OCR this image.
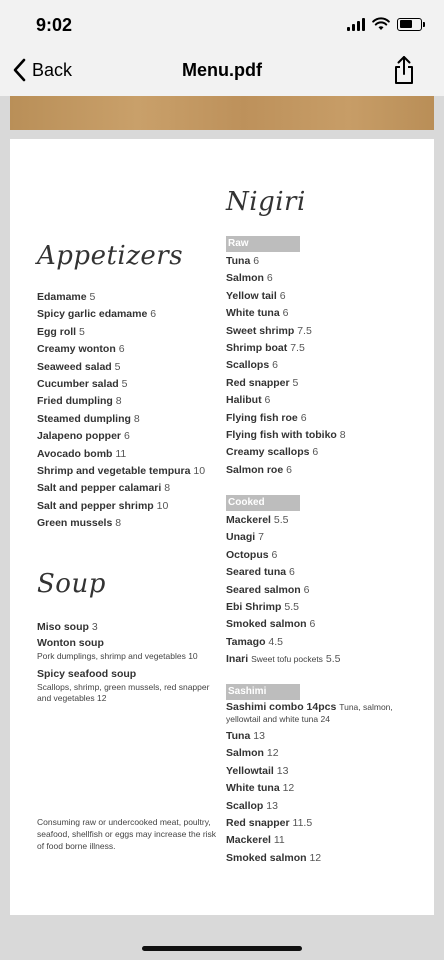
9:02
Back	Menu.pdf
Nigiri
Appetizers
Soup
Edamame 5
Spicy garlic edamame 6
Egg roll 5
Creamy wonton 6
Seaweed salad 5
Cucumber salad 5
Fried dumpling 8
Steamed dumpling 8
Jalapeno popper 6
Avocado bomb 11
Shrimp and vegetable tempura 10
Salt and pepper calamari 8
Salt and pepper shrimp 10
Green mussels 8
Miso soup 3
Wonton soup
Pork dumplings, shrimp and vegetables 10
Spicy seafood soup
Scallops, shrimp, green mussels, red snapper and vegetables 12
Raw
Tuna 6
Salmon 6
Yellow tail 6
White tuna 6
Sweet shrimp 7.5
Shrimp boat 7.5
Scallops 6
Red snapper 5
Halibut 6
Flying fish roe 6
Flying fish with tobiko 8
Creamy scallops 6
Salmon roe 6
Cooked
Mackerel 5.5
Unagi 7
Octopus 6
Seared tuna 6
Seared salmon 6
Ebi Shrimp 5.5
Smoked salmon 6
Tamago 4.5
Inari Sweet tofu pockets 5.5
Sashimi
Sashimi combo 14pcs Tuna, salmon, yellowtail and white tuna 24
Tuna 13
Salmon 12
Yellowtail 13
White tuna 12
Scallop 13
Red snapper 11.5
Mackerel 11
Smoked salmon 12
Consuming raw or undercooked meat, poultry, seafood, shellfish or eggs may increase the risk of food borne illness.
